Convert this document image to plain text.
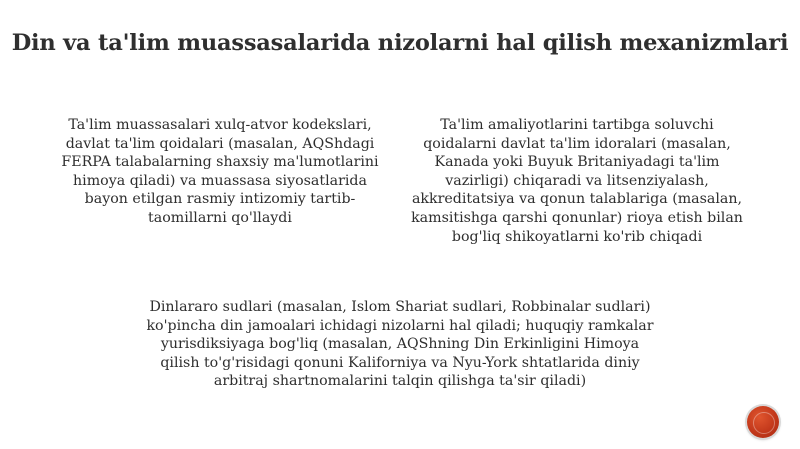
Din va ta'lim muassasalarida nizolarni hal qilish mexanizmlari
Ta'lim muassasalari xulq-atvor kodekslari,
davlat ta'lim qoidalari (masalan, AQShdagi
FERPA talabalarning shaxsiy ma'lumotlarini
himoya qiladi) va muassasa siyosatlarida
bayon etilgan rasmiy intizomiy tartib-
taomillarni qo'llaydi
Ta'lim amaliyotlarini tartibga soluvchi
qoidalarni davlat ta'lim idoralari (masalan,
Kanada yoki Buyuk Britaniyadagi ta'lim
vazirligi) chiqaradi va litsenziyalash,
akkreditatsiya va qonun talablariga (masalan,
kamsitishga qarshi qonunlar) rioya etish bilan
bog'liq shikoyatlarni ko'rib chiqadi
Dinlararo sudlari (masalan, Islom Shariat sudlari, Robbinalar sudlari)
ko'pincha din jamoalari ichidagi nizolarni hal qiladi; huquqiy ramkalar
yurisdiksiyaga bog'liq (masalan, AQShning Din Erkinligini Himoya
qilish to'g'risidagi qonuni Kaliforniya va Nyu-York shtatlarida diniy
arbitraj shartnomalarini talqin qilishga ta'sir qiladi)
